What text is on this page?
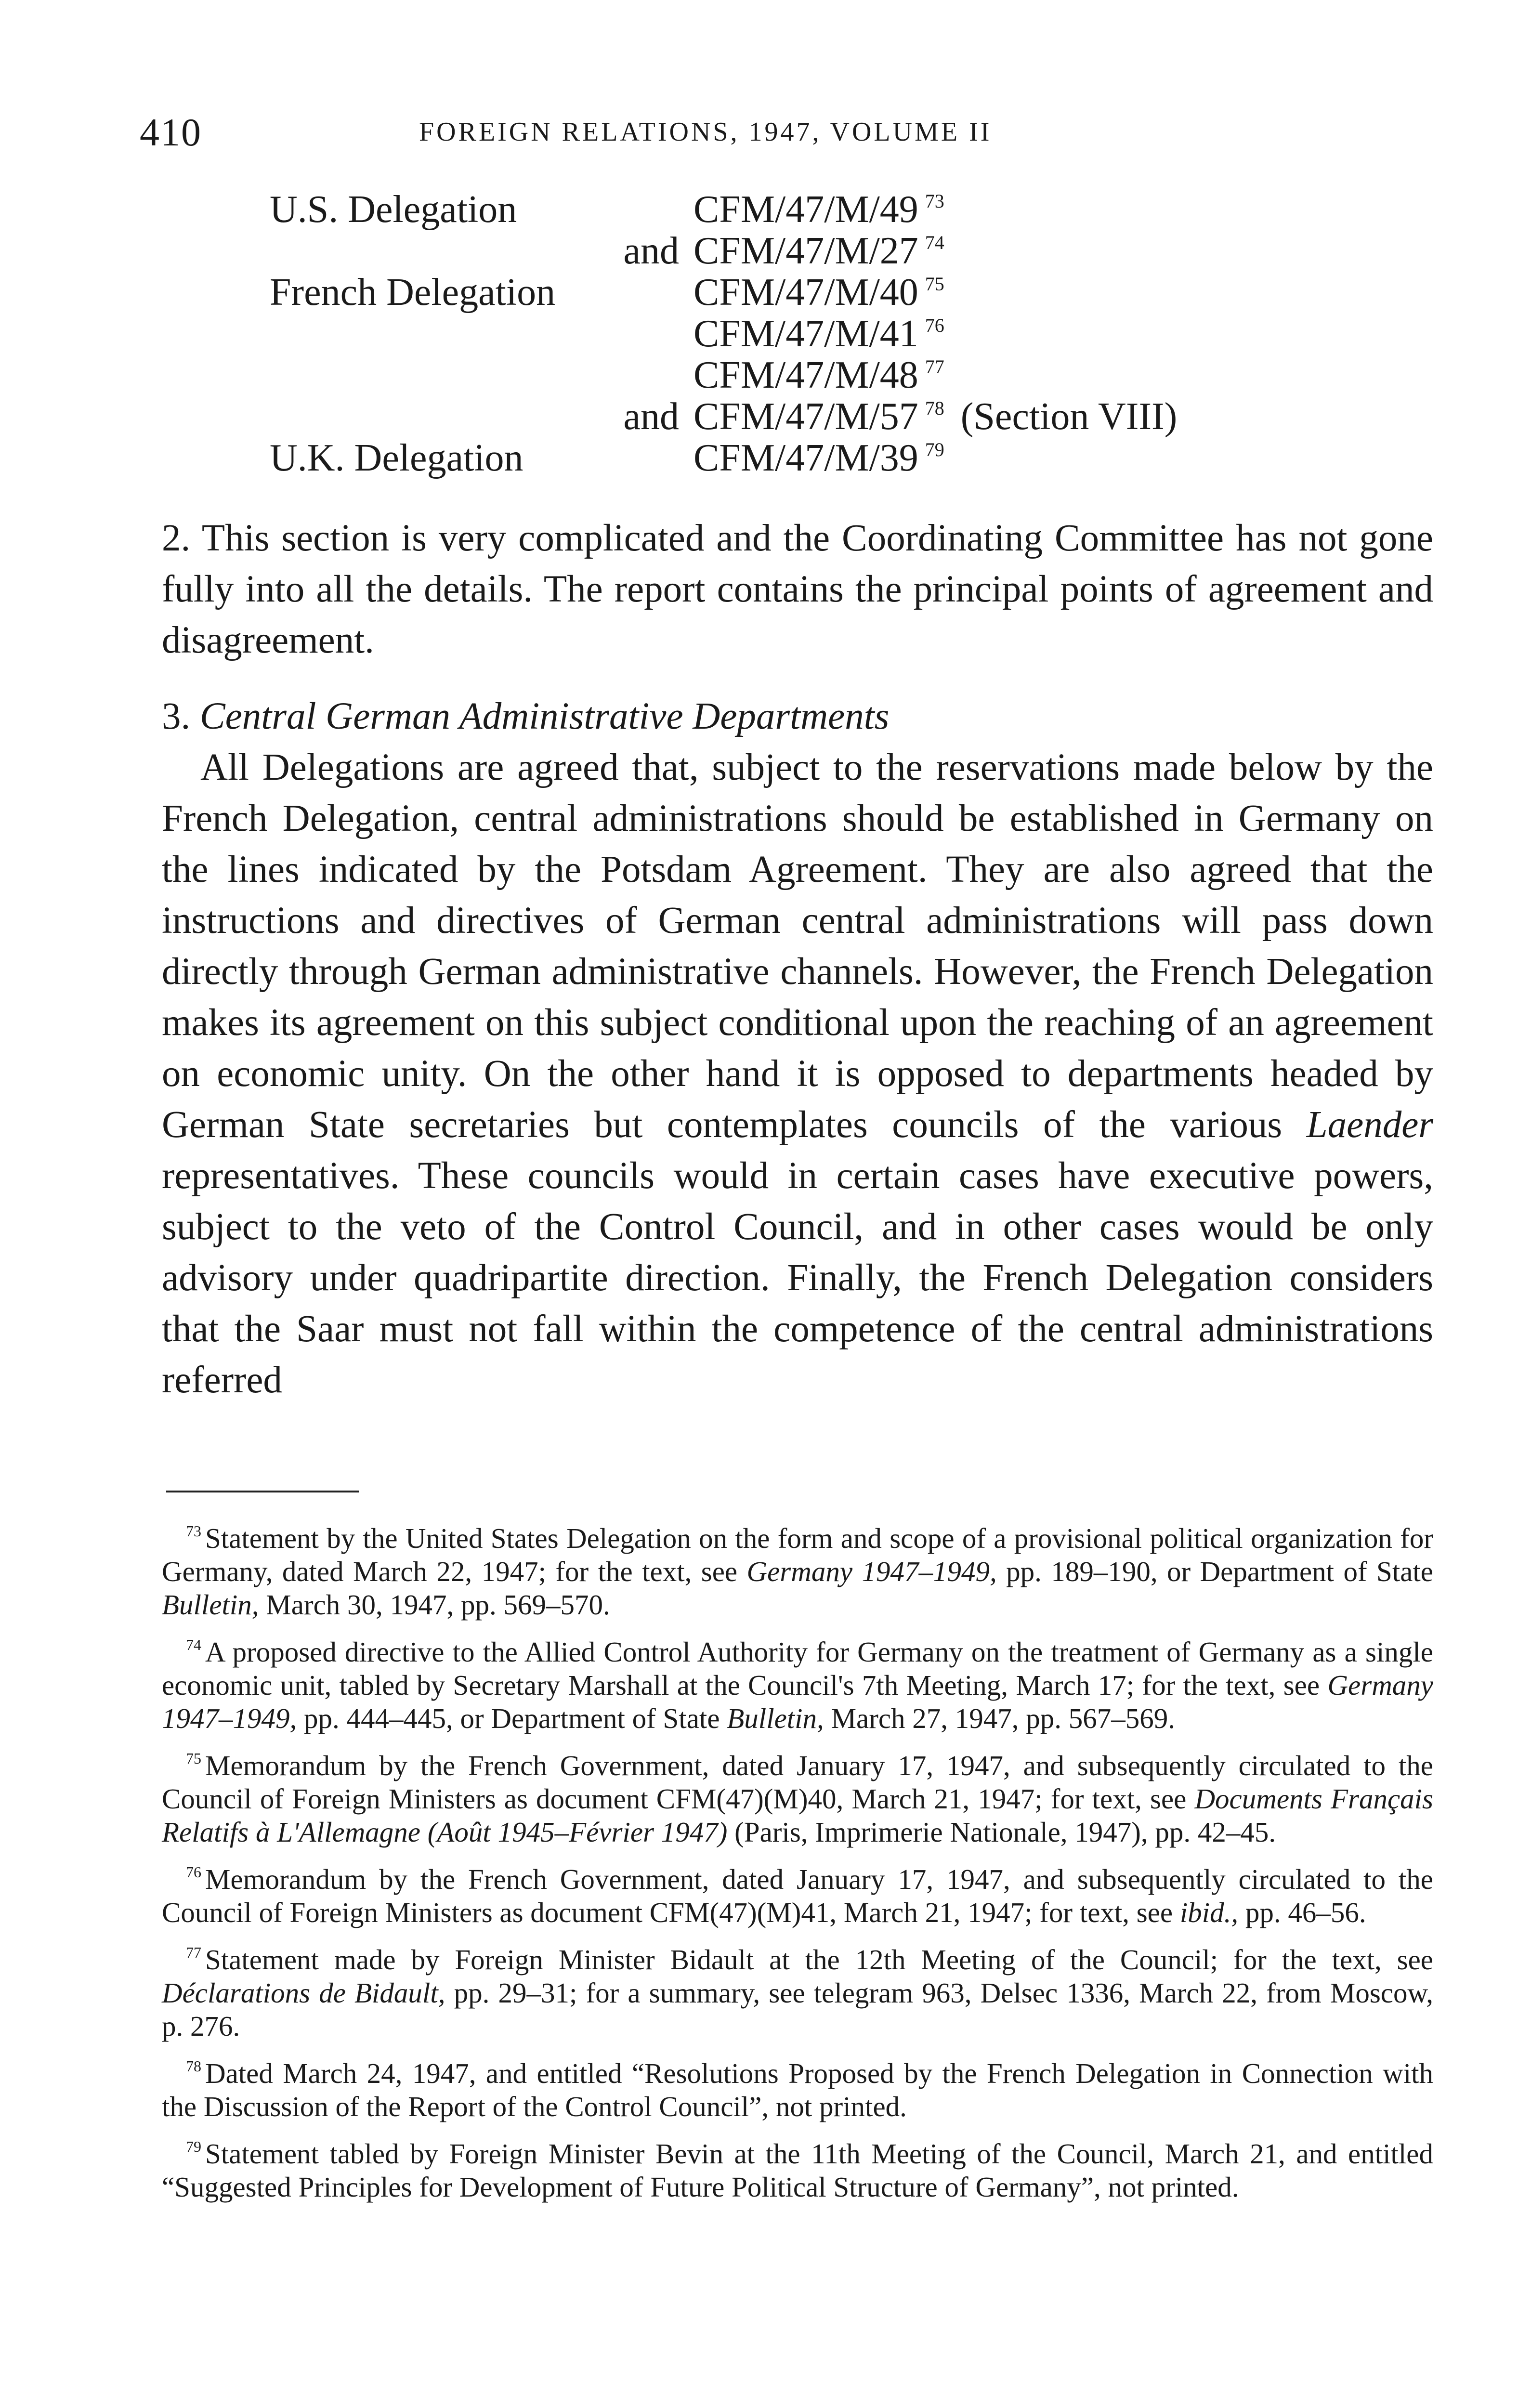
410	FOREIGN RELATIONS, 1947, VOLUME II
U.S. Delegation	CFM/47/M/49 $^{73}$
and CFM/47/M/27 $^{74}$
French Delegation	CFM/47/M/40 $^{75}$
CFM/47/M/41 $^{76}$
CFM/47/M/48 $^{77}$
and CFM/47/M/57 $^{78}$ (Section VIII)
U.K. Delegation	CFM/47/M/39 $^{79}$

2. This section is very complicated and the Coordinating Committee has not gone fully into all the details. The report contains the principal points of agreement and disagreement.

3. Central German Administrative Departments

All Delegations are agreed that, subject to the reservations made below by the French Delegation, central administrations should be established in Germany on the lines indicated by the Potsdam Agreement. They are also agreed that the instructions and directives of German central administrations will pass down directly through German administrative channels. However, the French Delegation makes its agreement on this subject conditional upon the reaching of an agreement on economic unity. On the other hand it is opposed to departments headed by German State secretaries but contemplates councils of the various Laender representatives. These councils would in certain cases have executive powers, subject to the veto of the Control Council, and in other cases would be only advisory under quadripartite direction. Finally, the French Delegation considers that the Saar must not fall within the competence of the central administrations referred

$^{73}$ Statement by the United States Delegation on the form and scope of a provisional political organization for Germany, dated March 22, 1947; for the text, see Germany 1947–1949, pp. 189–190, or Department of State Bulletin, March 30, 1947, pp. 569–570.

$^{74}$ A proposed directive to the Allied Control Authority for Germany on the treatment of Germany as a single economic unit, tabled by Secretary Marshall at the Council's 7th Meeting, March 17; for the text, see Germany 1947–1949, pp. 444–445, or Department of State Bulletin, March 27, 1947, pp. 567–569.

$^{75}$ Memorandum by the French Government, dated January 17, 1947, and subsequently circulated to the Council of Foreign Ministers as document CFM(47)(M)40, March 21, 1947; for text, see Documents Français Relatifs à L'Allemagne (Août 1945–Février 1947) (Paris, Imprimerie Nationale, 1947), pp. 42–45.

$^{76}$ Memorandum by the French Government, dated January 17, 1947, and subsequently circulated to the Council of Foreign Ministers as document CFM(47)(M)41, March 21, 1947; for text, see ibid., pp. 46–56.

$^{77}$ Statement made by Foreign Minister Bidault at the 12th Meeting of the Council; for the text, see Déclarations de Bidault, pp. 29–31; for a summary, see telegram 963, Delsec 1336, March 22, from Moscow, p. 276.

$^{78}$ Dated March 24, 1947, and entitled “Resolutions Proposed by the French Delegation in Connection with the Discussion of the Report of the Control Council”, not printed.

$^{79}$ Statement tabled by Foreign Minister Bevin at the 11th Meeting of the Council, March 21, and entitled “Suggested Principles for Development of Future Political Structure of Germany”, not printed.
